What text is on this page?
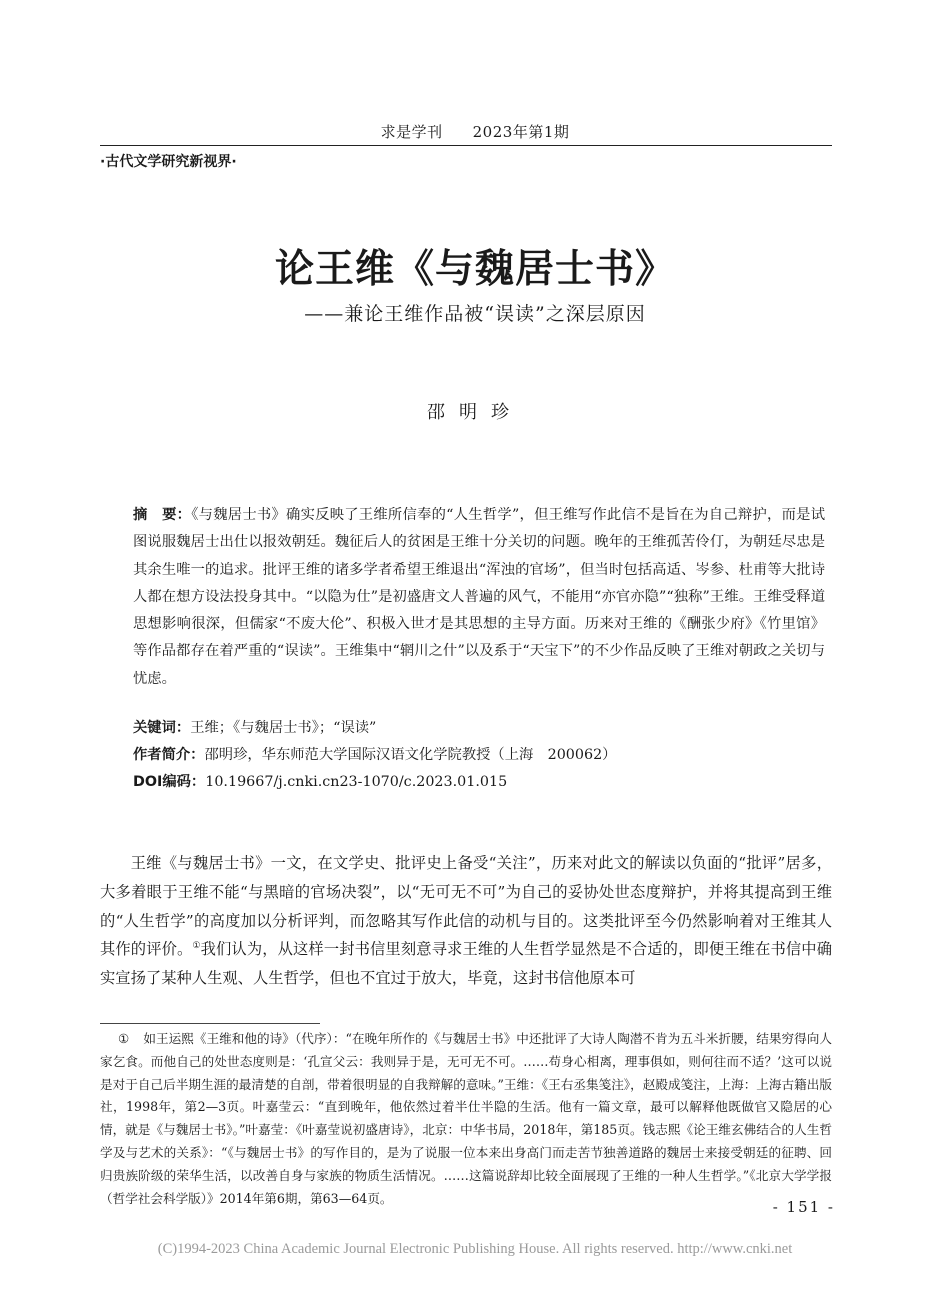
求是学刊 2023年第1期
·古代文学研究新视界·
论王维《与魏居士书》
——兼论王维作品被“误读”之深层原因
邵明珍
摘　要：《与魏居士书》确实反映了王维所信奉的“人生哲学”，但王维写作此信不是旨在为自己辩护，而是试图说服魏居士出仕以报效朝廷。魏征后人的贫困是王维十分关切的问题。晚年的王维孤苦伶仃，为朝廷尽忠是其余生唯一的追求。批评王维的诸多学者希望王维退出“浑浊的官场”，但当时包括高适、岑参、杜甫等大批诗人都在想方设法投身其中。“以隐为仕”是初盛唐文人普遍的风气，不能用“亦官亦隐”“独称”王维。王维受释道思想影响很深，但儒家“不废大伦”、积极入世才是其思想的主导方面。历来对王维的《酬张少府》《竹里馆》等作品都存在着严重的“误读”。王维集中“辋川之什”以及系于“天宝下”的不少作品反映了王维对朝政之关切与忧虑。
关键词：王维；《与魏居士书》；“误读”
作者简介：邵明珍，华东师范大学国际汉语文化学院教授（上海　200062）
DOI编码：10.19667/j.cnki.cn23-1070/c.2023.01.015

王维《与魏居士书》一文，在文学史、批评史上备受“关注”，历来对此文的解读以负面的“批评”居多，大多着眼于王维不能“与黑暗的官场决裂”，以“无可无不可”为自己的妥协处世态度辩护，并将其提高到王维的“人生哲学”的高度加以分析评判，而忽略其写作此信的动机与目的。这类批评至今仍然影响着对王维其人其作的评价。①我们认为，从这样一封书信里刻意寻求王维的人生哲学显然是不合适的，即便王维在书信中确实宣扬了某种人生观、人生哲学，但也不宜过于放大，毕竟，这封书信他原本可

① 如王运熙《王维和他的诗》（代序）：“在晚年所作的《与魏居士书》中还批评了大诗人陶潜不肯为五斗米折腰，结果穷得向人家乞食。而他自己的处世态度则是：‘孔宣父云：我则异于是，无可无不可。……苟身心相离，理事俱如，则何往而不适？’这可以说是对于自己后半期生涯的最清楚的自剖，带着很明显的自我辩解的意味。”王维：《王右丞集笺注》，赵殿成笺注，上海：上海古籍出版社，1998年，第2—3页。叶嘉莹云：“直到晚年，他依然过着半仕半隐的生活。他有一篇文章，最可以解释他既做官又隐居的心情，就是《与魏居士书》。”叶嘉莹：《叶嘉莹说初盛唐诗》，北京：中华书局，2018年，第185页。钱志熙《论王维玄佛结合的人生哲学及与艺术的关系》：“《与魏居士书》的写作目的，是为了说服一位本来出身高门而走苦节独善道路的魏居士来接受朝廷的征聘、回归贵族阶级的荣华生活，以改善自身与家族的物质生活情况。……这篇说辞却比较全面展现了王维的一种人生哲学。”《北京大学学报（哲学社会科学版）》2014年第6期，第63—64页。	- 151 -
(C)1994-2023 China Academic Journal Electronic Publishing House. All rights reserved. http://www.cnki.net
